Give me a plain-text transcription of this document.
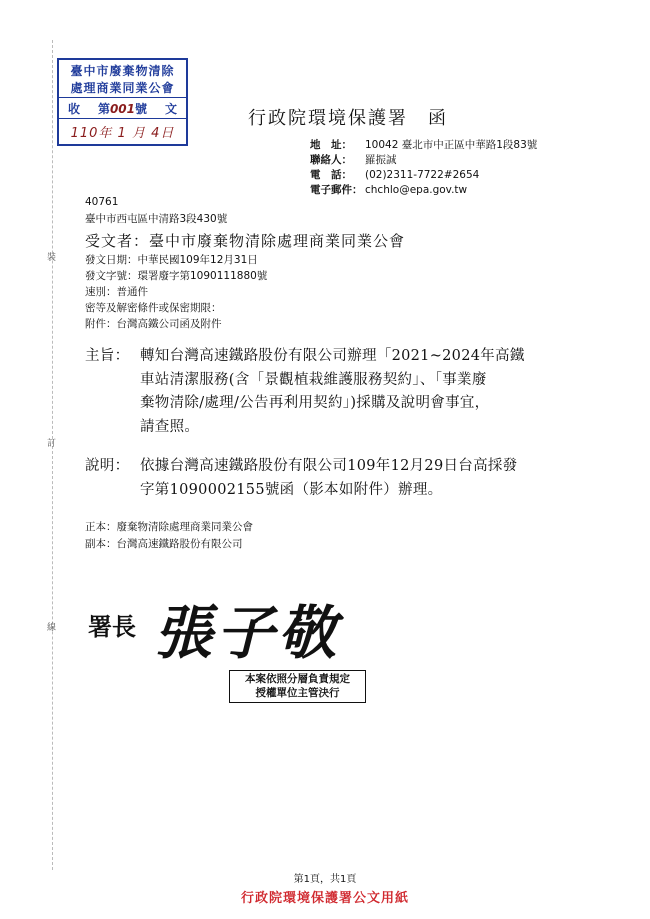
裝
訂
線
臺中市廢棄物清除
處理商業同業公會
收 第001號 文
110年 1 月 4日
行政院環境保護署　函
地　址： 10042 臺北市中正區中華路1段83號
聯絡人： 羅振誠
電　話： (02)2311-7722#2654
電子郵件： chchlo@epa.gov.tw
40761
臺中市西屯區中清路3段430號
受文者：臺中市廢棄物清除處理商業同業公會
發文日期：中華民國109年12月31日
發文字號：環署廢字第1090111880號
速別：普通件
密等及解密條件或保密期限：
附件：台灣高鐵公司函及附件
主旨： 轉知台灣高速鐵路股份有限公司辦理「2021~2024年高鐵
車站清潔服務(含「景觀植栽維護服務契約」、「事業廢
棄物清除/處理/公告再利用契約」)採購及說明會事宜，
請查照。
說明： 依據台灣高速鐵路股份有限公司109年12月29日台高採發
字第1090002155號函（影本如附件）辦理。
正本：廢棄物清除處理商業同業公會
副本：台灣高速鐵路股份有限公司
署長 張子敬
本案依照分層負責規定
授權單位主管決行
第1頁，共1頁
行政院環境保護署公文用紙
